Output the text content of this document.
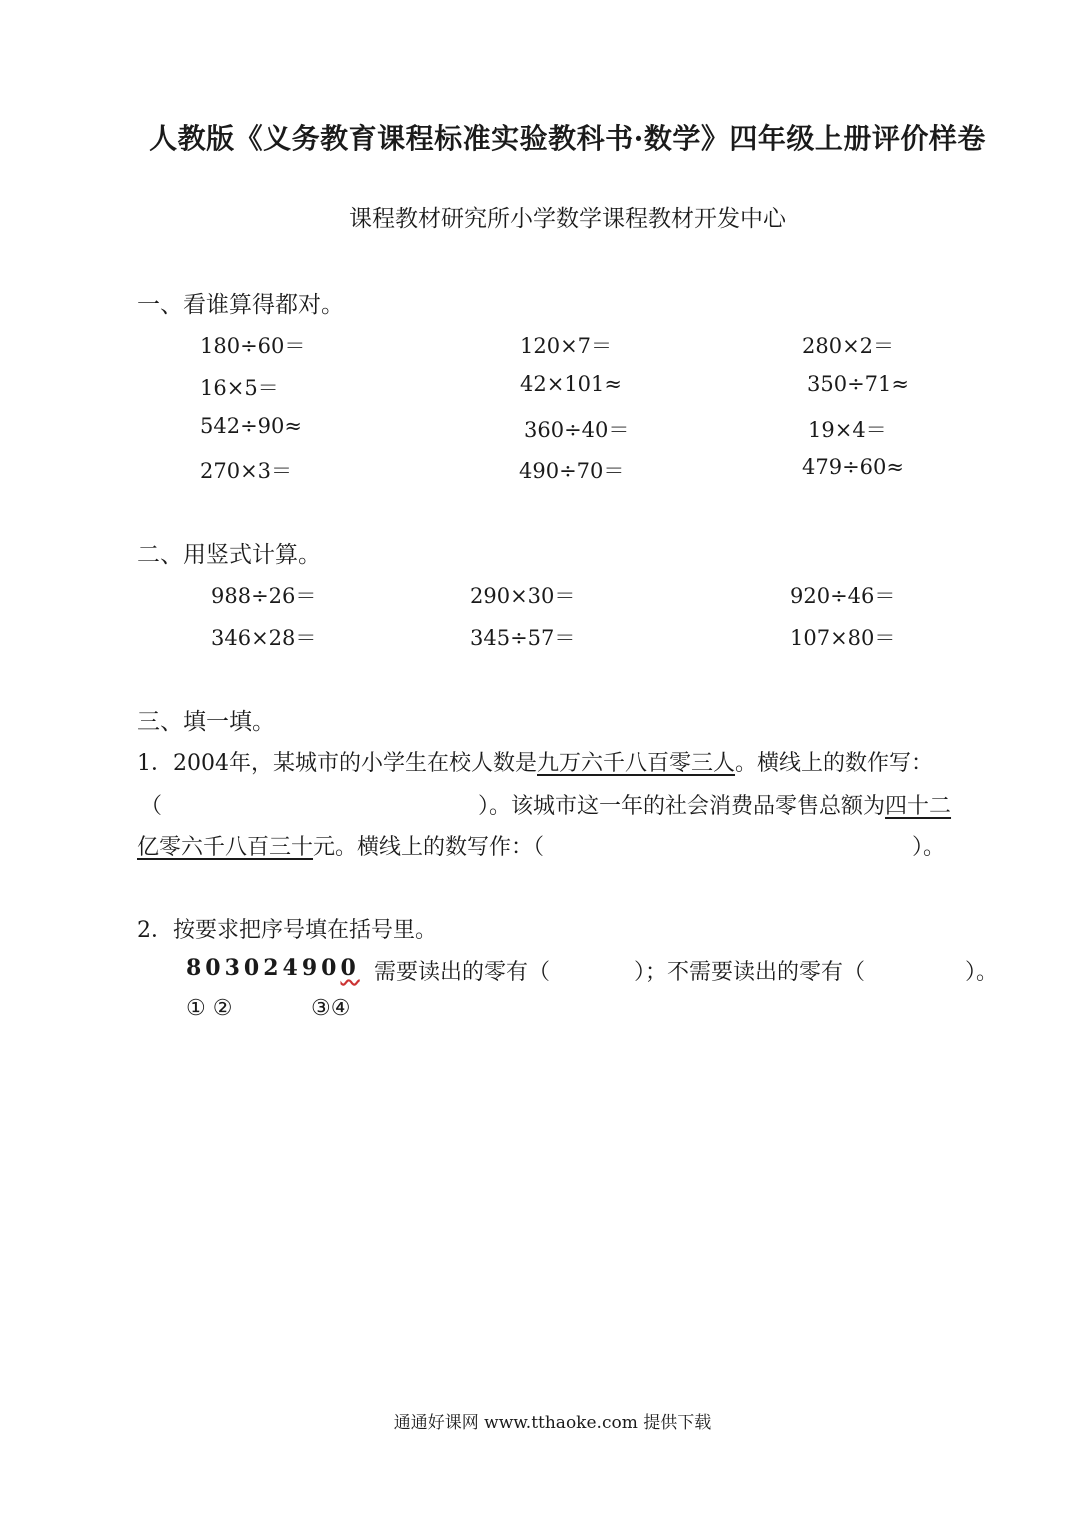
人教版《义务教育课程标准实验教科书·数学》四年级上册评价样卷
课程教材研究所小学数学课程教材开发中心
一、看谁算得都对。
180÷60＝	120×7＝	280×2＝
16×5＝	42×101≈	350÷71≈
542÷90≈	360÷40＝	19×4＝
270×3＝	490÷70＝	479÷60≈
二、用竖式计算。
988÷26＝	290×30＝	920÷46＝
346×28＝	345÷57＝	107×80＝
三、填一填。
1．2004年，某城市的小学生在校人数是九万六千八百零三人。横线上的数作写：
（	）。该城市这一年的社会消费品零售总额为四十二
亿零六千八百三十元。横线上的数写作：（	）。
2．按要求把序号填在括号里。
803024900 需要读出的零有（	）；不需要读出的零有（	）。
① ②	③④
通通好课网 www.tthaoke.com 提供下载
